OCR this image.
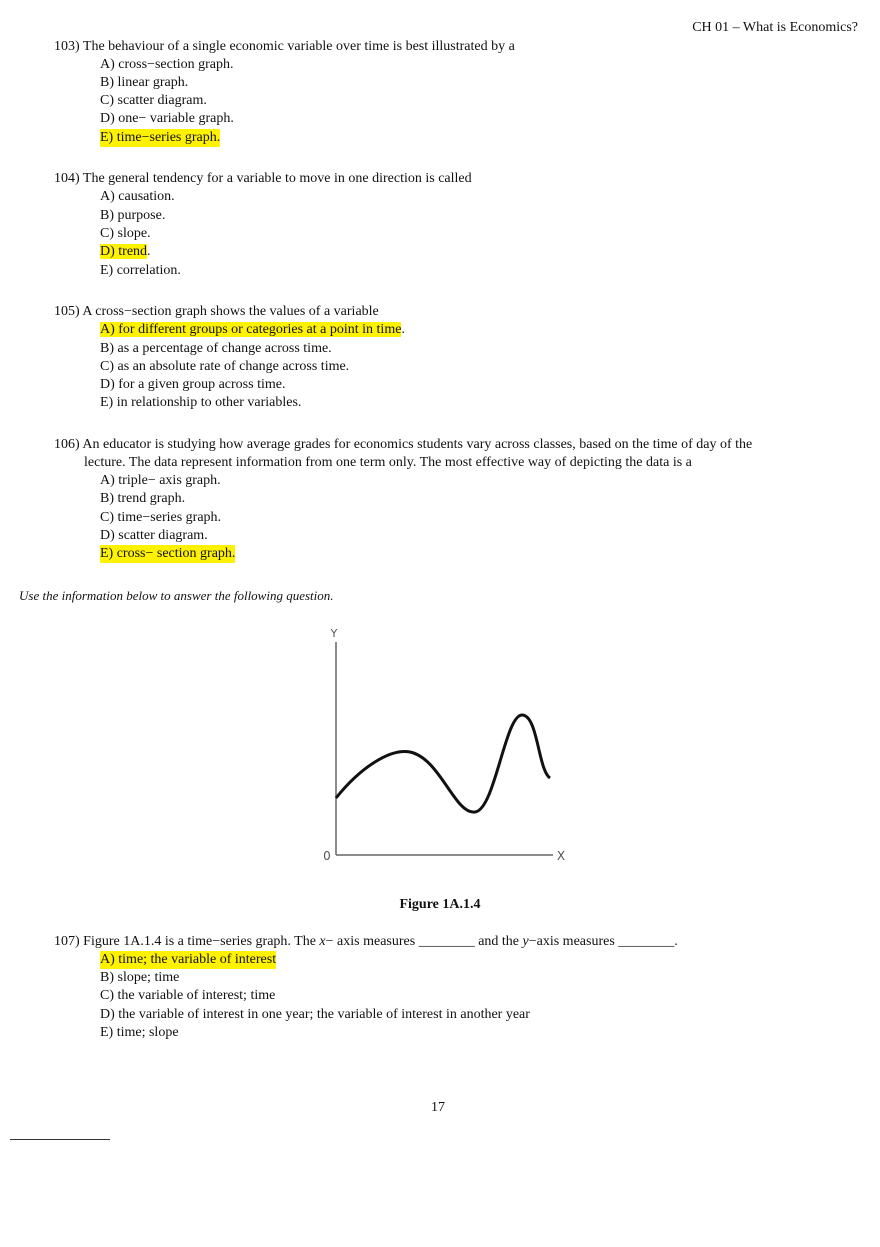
CH 01 – What is Economics?
103) The behaviour of a single economic variable over time is best illustrated by a
A) cross−section graph.
B) linear graph.
C) scatter diagram.
D) one− variable graph.
E) time−series graph.
104) The general tendency for a variable to move in one direction is called
A) causation.
B) purpose.
C) slope.
D) trend.
E) correlation.
105) A cross−section graph shows the values of a variable
A) for different groups or categories at a point in time.
B) as a percentage of change across time.
C) as an absolute rate of change across time.
D) for a given group across time.
E) in relationship to other variables.
106) An educator is studying how average grades for economics students vary across classes, based on the time of day of the
lecture. The data represent information from one term only. The most effective way of depicting the data is a
A) triple− axis graph.
B) trend graph.
C) time−series graph.
D) scatter diagram.
E) cross− section graph.
Use the information below to answer the following question.
Y
X
0
Figure 1A.1.4
107) Figure 1A.1.4 is a time−series graph. The x− axis measures ________ and the y−axis measures ________.
A) time; the variable of interest
B) slope; time
C) the variable of interest; time
D) the variable of interest in one year; the variable of interest in another year
E) time; slope
17
